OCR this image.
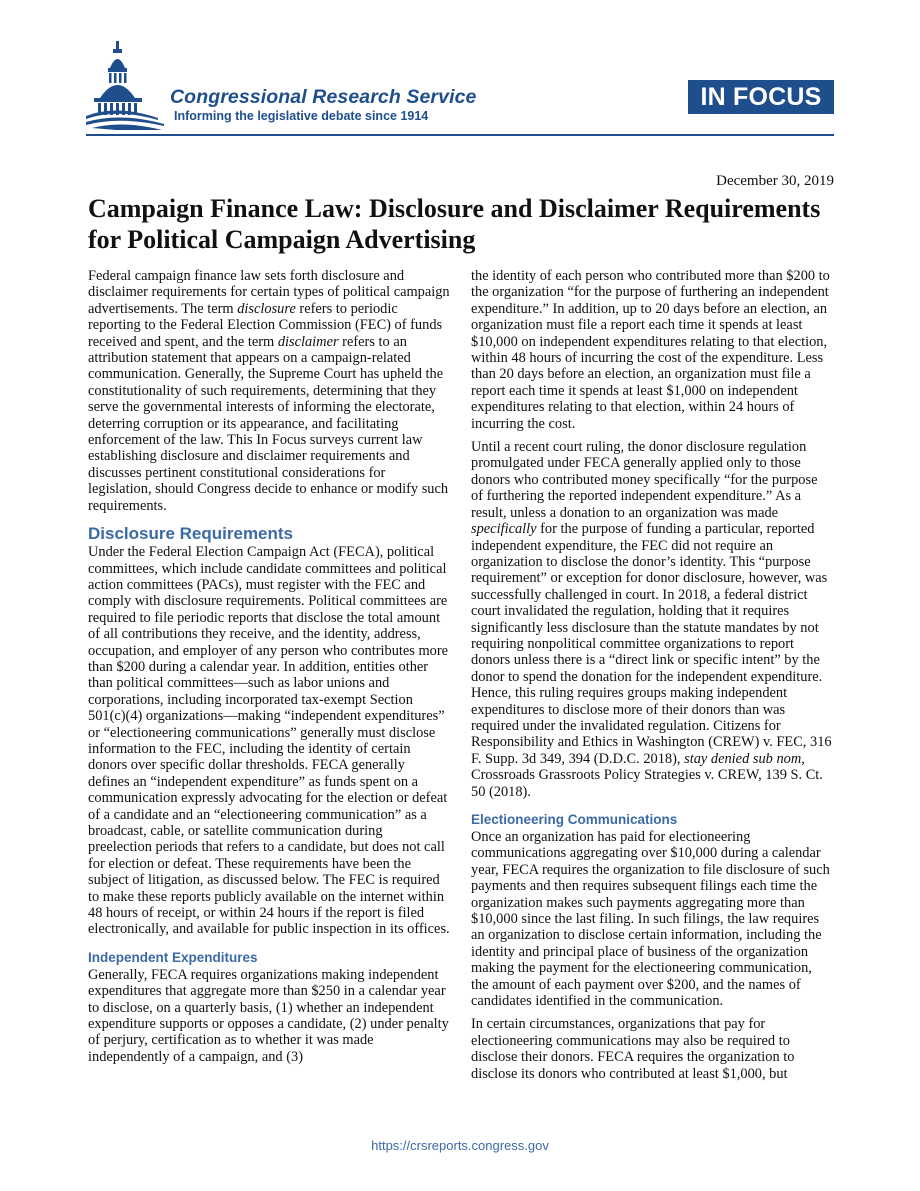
Congressional Research Service
Informing the legislative debate since 1914
IN FOCUS
December 30, 2019
Campaign Finance Law: Disclosure and Disclaimer Requirements for Political Campaign Advertising

Federal campaign finance law sets forth disclosure and disclaimer requirements for certain types of political campaign advertisements. The term disclosure refers to periodic reporting to the Federal Election Commission (FEC) of funds received and spent, and the term disclaimer refers to an attribution statement that appears on a campaign-related communication. Generally, the Supreme Court has upheld the constitutionality of such requirements, determining that they serve the governmental interests of informing the electorate, deterring corruption or its appearance, and facilitating enforcement of the law. This In Focus surveys current law establishing disclosure and disclaimer requirements and discusses pertinent constitutional considerations for legislation, should Congress decide to enhance or modify such requirements.

Disclosure Requirements

Under the Federal Election Campaign Act (FECA), political committees, which include candidate committees and political action committees (PACs), must register with the FEC and comply with disclosure requirements. Political committees are required to file periodic reports that disclose the total amount of all contributions they receive, and the identity, address, occupation, and employer of any person who contributes more than $200 during a calendar year. In addition, entities other than political committees—such as labor unions and corporations, including incorporated tax-exempt Section 501(c)(4) organizations—making “independent expenditures” or “electioneering communications” generally must disclose information to the FEC, including the identity of certain donors over specific dollar thresholds. FECA generally defines an “independent expenditure” as funds spent on a communication expressly advocating for the election or defeat of a candidate and an “electioneering communication” as a broadcast, cable, or satellite communication during preelection periods that refers to a candidate, but does not call for election or defeat. These requirements have been the subject of litigation, as discussed below. The FEC is required to make these reports publicly available on the internet within 48 hours of receipt, or within 24 hours if the report is filed electronically, and available for public inspection in its offices.

Independent Expenditures

Generally, FECA requires organizations making independent expenditures that aggregate more than $250 in a calendar year to disclose, on a quarterly basis, (1) whether an independent expenditure supports or opposes a candidate, (2) under penalty of perjury, certification as to whether it was made independently of a campaign, and (3)

the identity of each person who contributed more than $200 to the organization “for the purpose of furthering an independent expenditure.” In addition, up to 20 days before an election, an organization must file a report each time it spends at least $10,000 on independent expenditures relating to that election, within 48 hours of incurring the cost of the expenditure. Less than 20 days before an election, an organization must file a report each time it spends at least $1,000 on independent expenditures relating to that election, within 24 hours of incurring the cost.

Until a recent court ruling, the donor disclosure regulation promulgated under FECA generally applied only to those donors who contributed money specifically “for the purpose of furthering the reported independent expenditure.” As a result, unless a donation to an organization was made specifically for the purpose of funding a particular, reported independent expenditure, the FEC did not require an organization to disclose the donor’s identity. This “purpose requirement” or exception for donor disclosure, however, was successfully challenged in court. In 2018, a federal district court invalidated the regulation, holding that it requires significantly less disclosure than the statute mandates by not requiring nonpolitical committee organizations to report donors unless there is a “direct link or specific intent” by the donor to spend the donation for the independent expenditure. Hence, this ruling requires groups making independent expenditures to disclose more of their donors than was required under the invalidated regulation. Citizens for Responsibility and Ethics in Washington (CREW) v. FEC, 316 F. Supp. 3d 349, 394 (D.D.C. 2018), stay denied sub nom, Crossroads Grassroots Policy Strategies v. CREW, 139 S. Ct. 50 (2018).

Electioneering Communications

Once an organization has paid for electioneering communications aggregating over $10,000 during a calendar year, FECA requires the organization to file disclosure of such payments and then requires subsequent filings each time the organization makes such payments aggregating more than $10,000 since the last filing. In such filings, the law requires an organization to disclose certain information, including the identity and principal place of business of the organization making the payment for the electioneering communication, the amount of each payment over $200, and the names of candidates identified in the communication.

In certain circumstances, organizations that pay for electioneering communications may also be required to disclose their donors. FECA requires the organization to disclose its donors who contributed at least $1,000, but

https://crsreports.congress.gov
